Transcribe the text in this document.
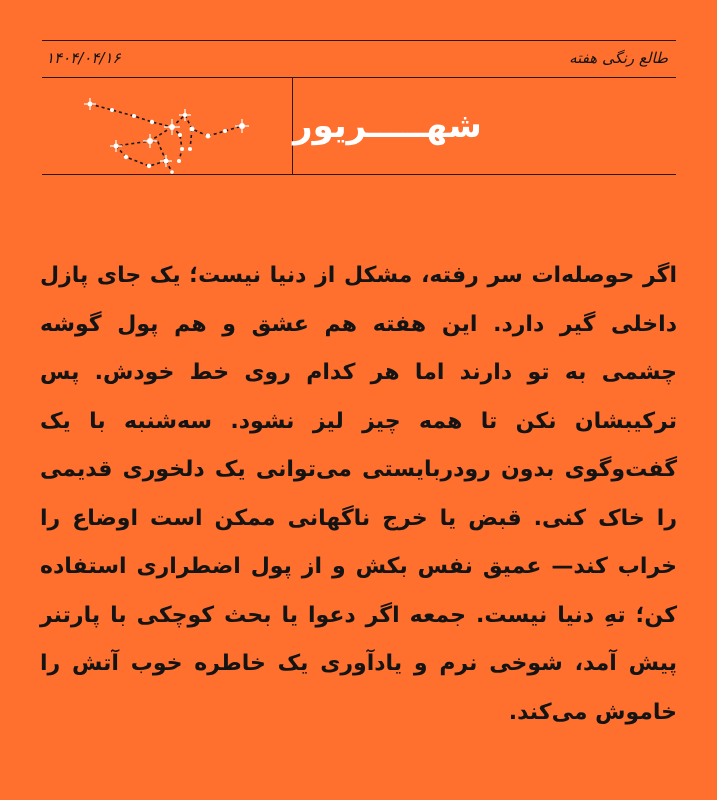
طالع رنگی هفته
۱۴۰۴/۰۴/۱۶
شهـــــریور

اگر حوصله‌ات سر رفته، مشکل از دنیا نیست؛ یک جای پازل داخلی گیر دارد. این هفته هم عشق و هم پول گوشه چشمی به تو دارند اما هر کدام روی خط خودش. پس ترکیبشان نکن تا همه چیز لیز نشود. سه‌شنبه با یک گفت‌وگوی بدون رودربایستی می‌توانی یک دلخوری قدیمی را خاک کنی. قبض یا خرج ناگهانی ممکن است اوضاع را خراب کند— عمیق نفس بکش و از پول اضطراری استفاده کن؛ تهِ دنیا نیست. جمعه اگر دعوا یا بحث کوچکی با پارتنر پیش آمد، شوخی نرم و یادآوری یک خاطره خوب آتش را خاموش می‌کند.
